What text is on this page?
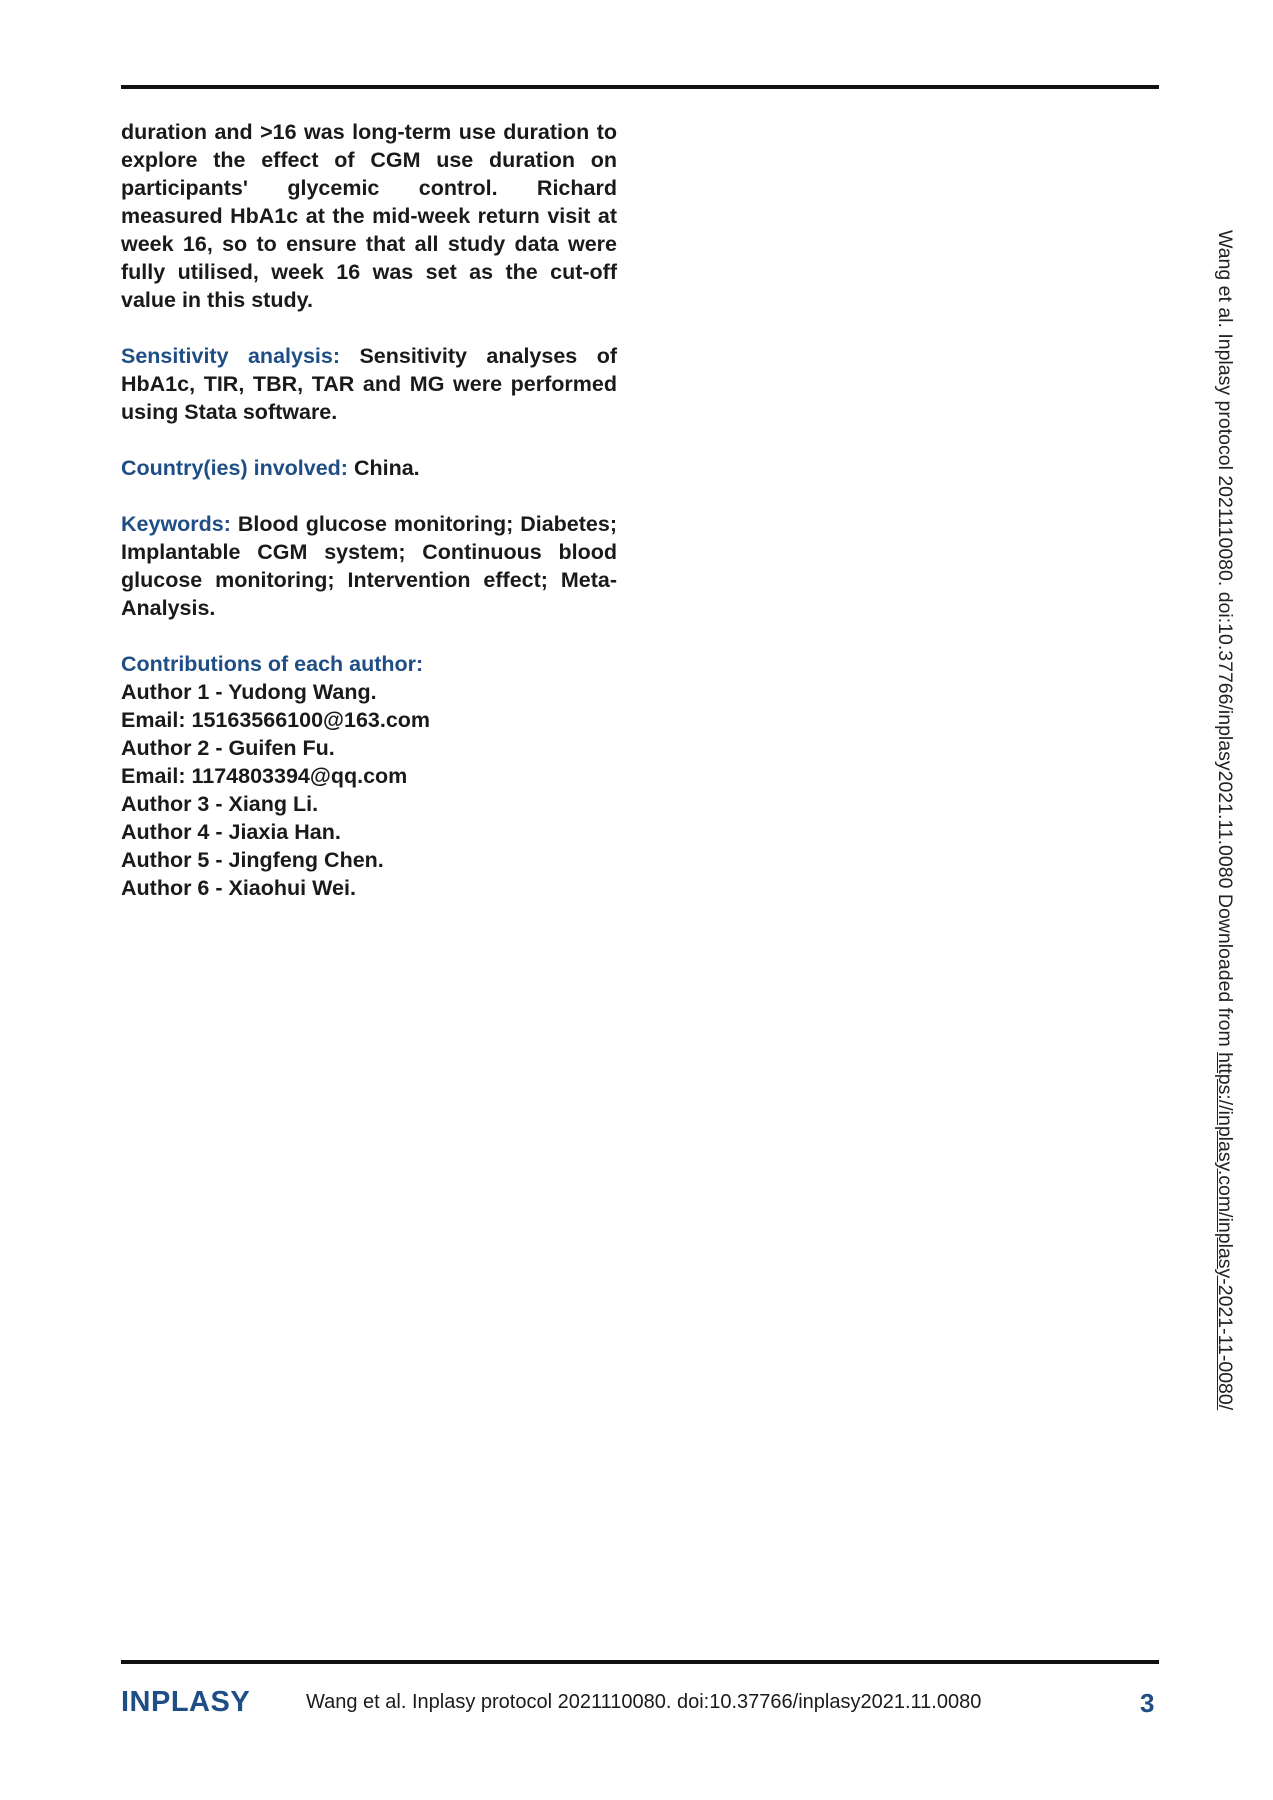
duration and >16 was long-term use duration to explore the effect of CGM use duration on participants' glycemic control. Richard measured HbA1c at the mid-week return visit at week 16, so to ensure that all study data were fully utilised, week 16 was set as the cut-off value in this study.

Sensitivity analysis: Sensitivity analyses of HbA1c, TIR, TBR, TAR and MG were performed using Stata software.

Country(ies) involved: China.

Keywords: Blood glucose monitoring; Diabetes; Implantable CGM system; Continuous blood glucose monitoring; Intervention effect; Meta-Analysis.

Contributions of each author:
Author 1 - Yudong Wang.
Email: 15163566100@163.com
Author 2 - Guifen Fu.
Email: 1174803394@qq.com
Author 3 - Xiang Li.
Author 4 - Jiaxia Han.
Author 5 - Jingfeng Chen.
Author 6 - Xiaohui Wei.	Wang et al. Inplasy protocol 2021110080. doi:10.37766/inplasy2021.11.0080 Downloaded from https://inplasy.com/inplasy-2021-11-0080/
INPLASY	Wang et al. Inplasy protocol 2021110080. doi:10.37766/inplasy2021.11.0080	3
